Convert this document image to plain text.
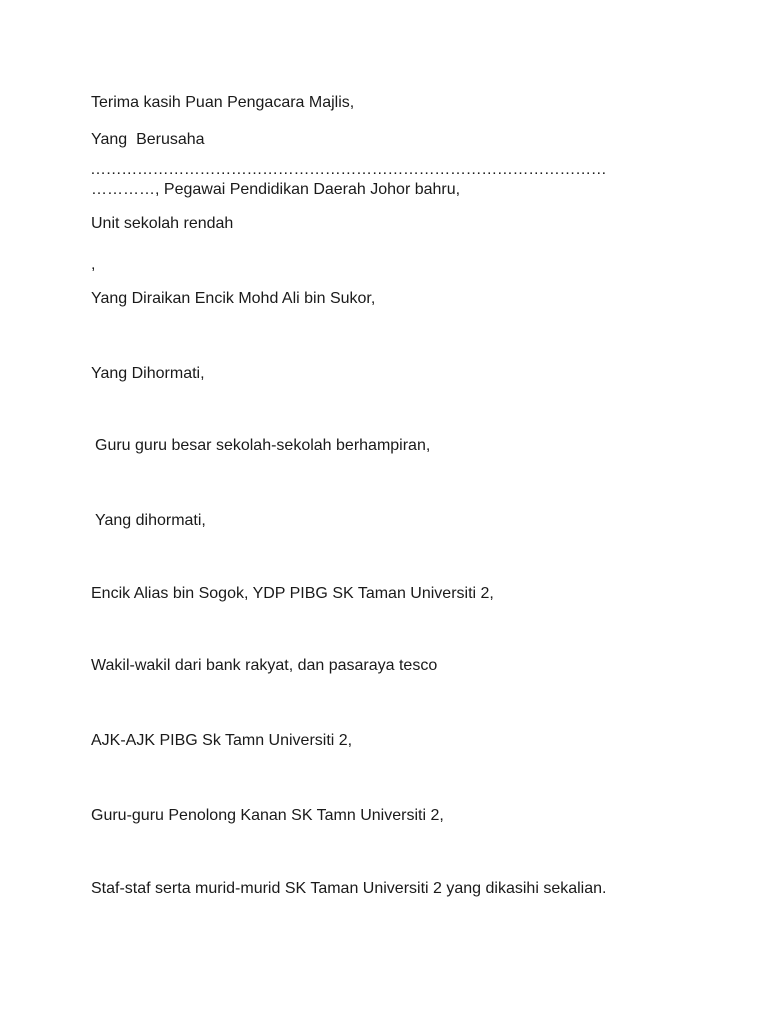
Terima kasih Puan Pengacara Majlis,
Yang  Berusaha
………………………………………………………………………………………
…………, Pegawai Pendidikan Daerah Johor bahru,
Unit sekolah rendah
,
Yang Diraikan Encik Mohd Ali bin Sukor,
Yang Dihormati,
Guru guru besar sekolah-sekolah berhampiran,
Yang dihormati,
Encik Alias bin Sogok, YDP PIBG SK Taman Universiti 2,
Wakil-wakil dari bank rakyat, dan pasaraya tesco
AJK-AJK PIBG Sk Tamn Universiti 2,
Guru-guru Penolong Kanan SK Tamn Universiti 2,
Staf-staf serta murid-murid SK Taman Universiti 2 yang dikasihi sekalian.
